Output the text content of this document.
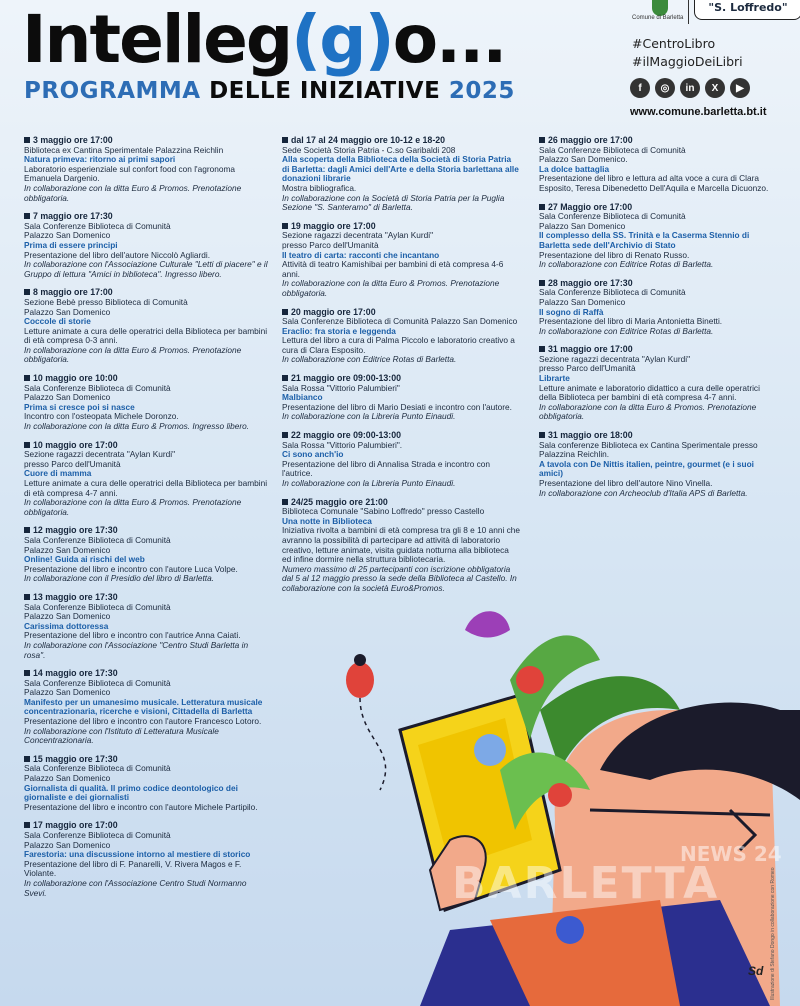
Intelleg(g)o...
PROGRAMMA DELLE INIZIATIVE 2025
Comune di Barletta
"S. Loffredo"
#CentroLibro
#ilMaggioDeiLibri
f	◎	in	X	▶
www.comune.barletta.bt.it
BARLETTA
NEWS 24
Sd Illustrazione di Stefano Dongo in collaborazione con Romeo
3 maggio ore 17:00
Biblioteca ex Cantina Sperimentale Palazzina Reichlin
Natura primeva: ritorno ai primi sapori
Laboratorio esperienziale sul confort food con l'agronoma Emanuela Dargenio.
In collaborazione con la ditta Euro & Promos. Prenotazione obbligatoria.
7 maggio ore 17:30
Sala Conferenze Biblioteca di Comunità
Palazzo San Domenico
Prima di essere principi
Presentazione del libro dell'autore Niccolò Agliardi.
In collaborazione con l'Associazione Culturale "Letti di piacere" e il Gruppo di lettura "Amici in biblioteca". Ingresso libero.
8 maggio ore 17:00
Sezione Bebè presso Biblioteca di Comunità
Palazzo San Domenico
Coccole di storie
Letture animate a cura delle operatrici della Biblioteca per bambini di età compresa 0-3 anni.
In collaborazione con la ditta Euro & Promos. Prenotazione obbligatoria.
10 maggio ore 10:00
Sala Conferenze Biblioteca di Comunità
Palazzo San Domenico
Prima si cresce poi si nasce
Incontro con l'osteopata Michele Doronzo.
In collaborazione con la ditta Euro & Promos. Ingresso libero.
10 maggio ore 17:00
Sezione ragazzi decentrata "Aylan Kurdi"
presso Parco dell'Umanità
Cuore di mamma
Letture animate a cura delle operatrici della Biblioteca per bambini di età compresa 4-7 anni.
In collaborazione con la ditta Euro & Promos. Prenotazione obbligatoria.
12 maggio ore 17:30
Sala Conferenze Biblioteca di Comunità
Palazzo San Domenico
Online! Guida ai rischi del web
Presentazione del libro e incontro con l'autore Luca Volpe.
In collaborazione con il Presidio del libro di Barletta.
13 maggio ore 17:30
Sala Conferenze Biblioteca di Comunità
Palazzo San Domenico
Carissima dottoressa
Presentazione del libro e incontro con l'autrice Anna Caiati.
In collaborazione con l'Associazione "Centro Studi Barletta in rosa".
14 maggio ore 17:30
Sala Conferenze Biblioteca di Comunità
Palazzo San Domenico
Manifesto per un umanesimo musicale. Letteratura musicale concentrazionaria, ricerche e visioni, Cittadella di Barletta
Presentazione del libro e incontro con l'autore Francesco Lotoro.
In collaborazione con l'Istituto di Letteratura Musicale Concentrazionaria.
15 maggio ore 17:30
Sala Conferenze Biblioteca di Comunità
Palazzo San Domenico
Giornalista di qualità. Il primo codice deontologico dei giornaliste e dei giornalisti
Presentazione del libro e incontro con l'autore Michele Partipilo.
17 maggio ore 17:00
Sala Conferenze Biblioteca di Comunità
Palazzo San Domenico
Farestoria: una discussione intorno al mestiere di storico
Presentazione del libro di F. Panarelli, V. Rivera Magos e F. Violante.
In collaborazione con l'Associazione Centro Studi Normanno Svevi.
dal 17 al 24 maggio ore 10-12 e 18-20
Sede Società Storia Patria - C.so Garibaldi 208
Alla scoperta della Biblioteca della Società di Storia Patria di Barletta: dagli Amici dell'Arte e della Storia barlettana alle donazioni librarie
Mostra bibliografica.
In collaborazione con la Società di Storia Patria per la Puglia Sezione "S. Santeramo" di Barletta.
19 maggio ore 17:00
Sezione ragazzi decentrata "Aylan Kurdi"
presso Parco dell'Umanità
Il teatro di carta: racconti che incantano
Attività di teatro Kamishibai per bambini di età compresa 4-6 anni.
In collaborazione con la ditta Euro & Promos. Prenotazione obbligatoria.
20 maggio ore 17:00
Sala Conferenze Biblioteca di Comunità Palazzo San Domenico
Eraclio: fra storia e leggenda
Lettura del libro a cura di Palma Piccolo e laboratorio creativo a cura di Clara Esposito.
In collaborazione con Editrice Rotas di Barletta.
21 maggio ore 09:00-13:00
Sala Rossa "Vittorio Palumbieri"
Malbianco
Presentazione del libro di Mario Desiati e incontro con l'autore.
In collaborazione con la Libreria Punto Einaudi.
22 maggio ore 09:00-13:00
Sala Rossa "Vittorio Palumbieri".
Ci sono anch'io
Presentazione del libro di Annalisa Strada e incontro con l'autrice.
In collaborazione con la Libreria Punto Einaudi.
24/25 maggio ore 21:00
Biblioteca Comunale "Sabino Loffredo" presso Castello
Una notte in Biblioteca
Iniziativa rivolta a bambini di età compresa tra gli 8 e 10 anni che avranno la possibilità di partecipare ad attività di laboratorio creativo, letture animate, visita guidata notturna alla biblioteca ed infine dormire nella struttura bibliotecaria.
Numero massimo di 25 partecipanti con iscrizione obbligatoria dal 5 al 12 maggio presso la sede della Biblioteca al Castello. In collaborazione con la società Euro&Promos.
26 maggio ore 17:00
Sala Conferenze Biblioteca di Comunità
Palazzo San Domenico.
La dolce battaglia
Presentazione del libro e lettura ad alta voce a cura di Clara Esposito, Teresa Dibenedetto Dell'Aquila e Marcella Dicuonzo.
27 Maggio ore 17:00
Sala Conferenze Biblioteca di Comunità
Palazzo San Domenico
Il complesso della SS. Trinità e la Caserma Stennio di Barletta sede dell'Archivio di Stato
Presentazione del libro di Renato Russo.
In collaborazione con Editrice Rotas di Barletta.
28 maggio ore 17:30
Sala Conferenze Biblioteca di Comunità
Palazzo San Domenico
Il sogno di Raffà
Presentazione del libro di Maria Antonietta Binetti.
In collaborazione con Editrice Rotas di Barletta.
31 maggio ore 17:00
Sezione ragazzi decentrata "Aylan Kurdi"
presso Parco dell'Umanità
Librarte
Letture animate e laboratorio didattico a cura delle operatrici della Biblioteca per bambini di età compresa 4-7 anni.
In collaborazione con la ditta Euro & Promos. Prenotazione obbligatoria.
31 maggio ore 18:00
Sala conferenze Biblioteca ex Cantina Sperimentale presso Palazzina Reichlin.
A tavola con De Nittis italien, peintre, gourmet (e i suoi amici)
Presentazione del libro dell'autore Nino Vinella.
In collaborazione con Archeoclub d'Italia APS di Barletta.
